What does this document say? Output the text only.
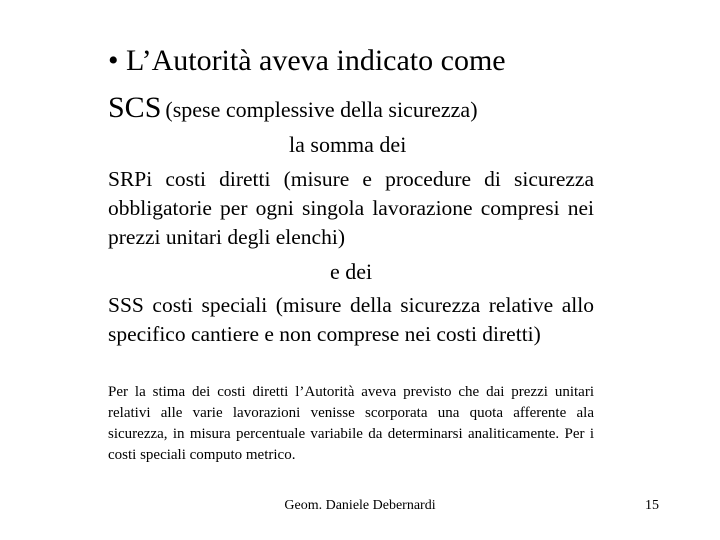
• L’Autorità aveva indicato come
SCS (spese complessive della sicurezza)
la somma dei
SRPi costi diretti (misure e procedure di sicurezza obbligatorie per ogni singola lavorazione compresi nei prezzi unitari degli elenchi)
e dei
SSS costi speciali (misure della sicurezza relative allo specifico cantiere e non comprese nei costi diretti)
Per la stima dei costi diretti l’Autorità aveva previsto che dai prezzi unitari relativi alle varie lavorazioni venisse scorporata una quota afferente ala sicurezza, in misura percentuale variabile da determinarsi analiticamente. Per i costi speciali computo metrico.
Geom. Daniele Debernardi	15
